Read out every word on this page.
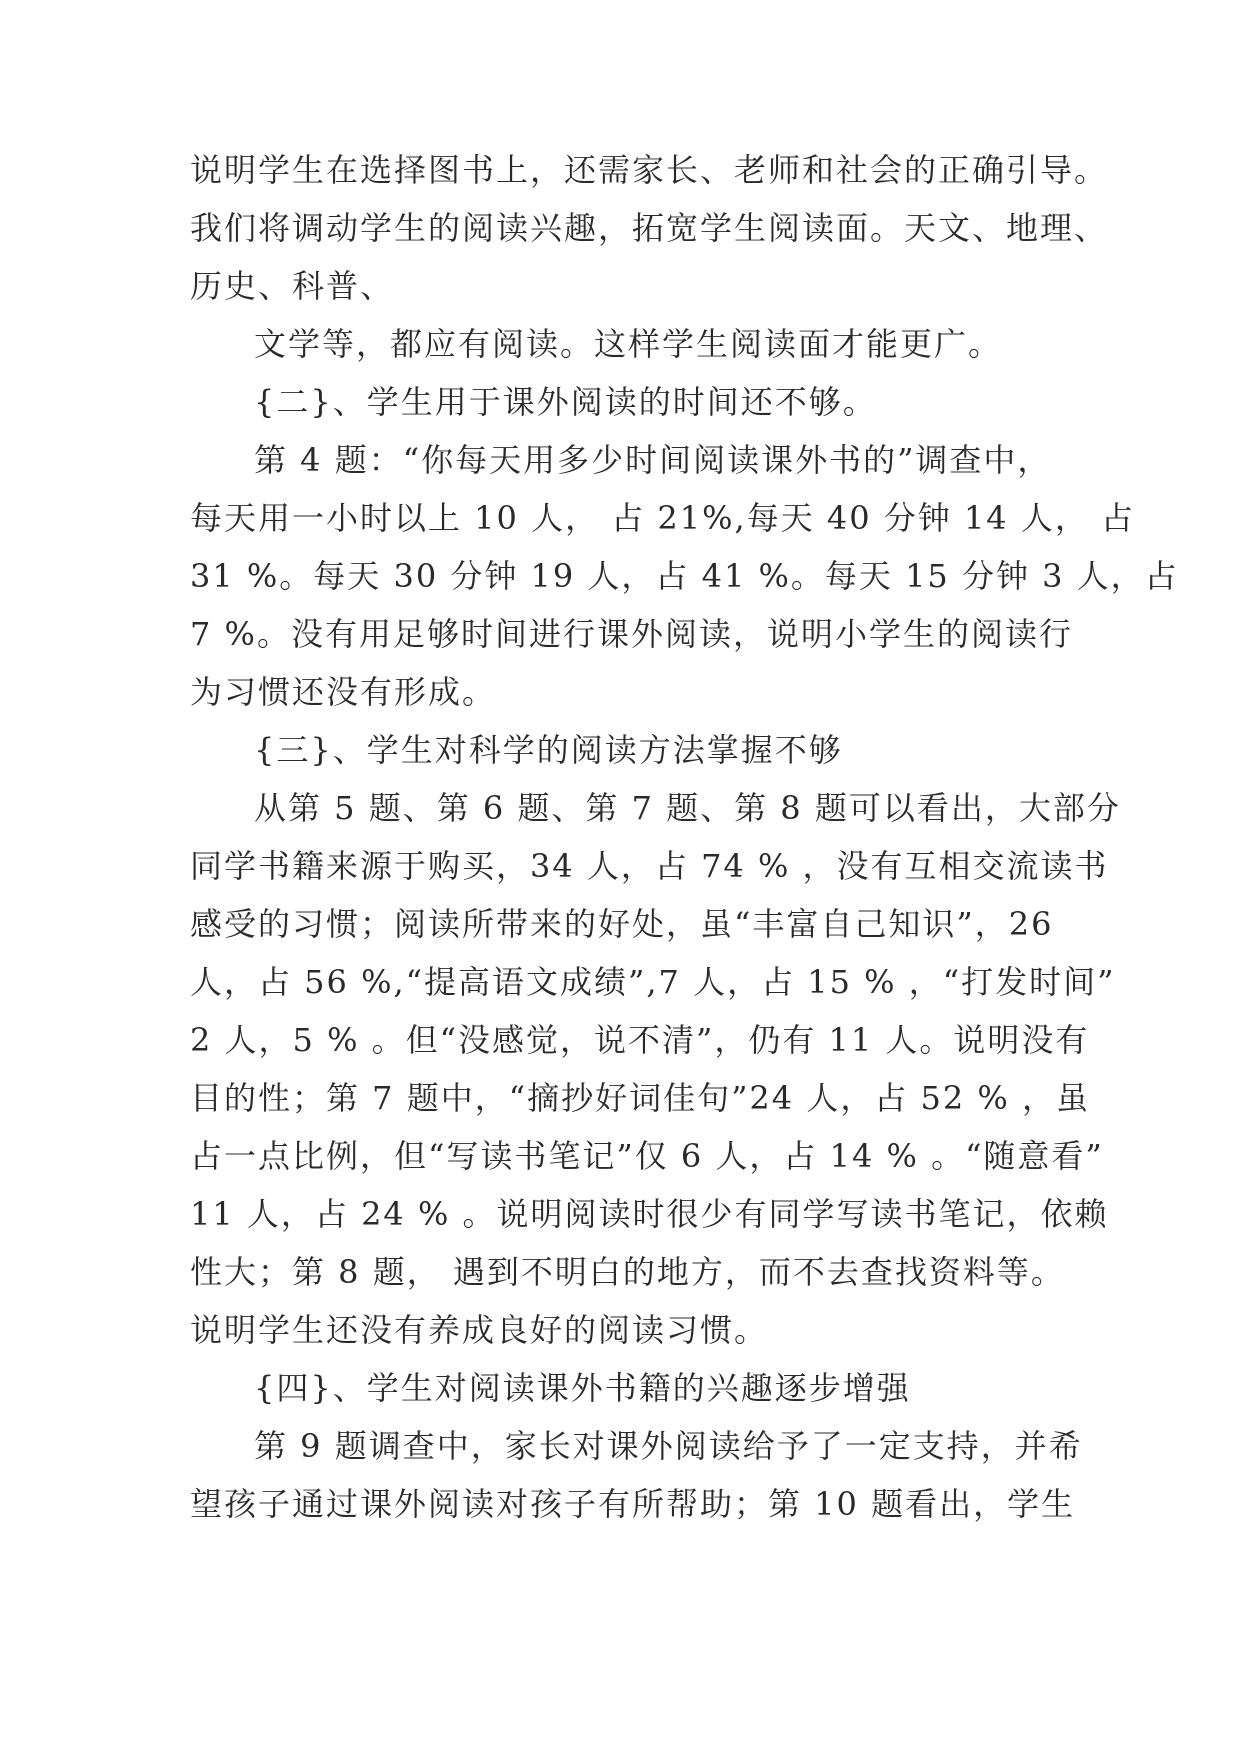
说明学生在选择图书上，还需家长、老师和社会的正确引导。
我们将调动学生的阅读兴趣，拓宽学生阅读面。天文、地理、
历史、科普、
文学等，都应有阅读。这样学生阅读面才能更广。
{二}、学生用于课外阅读的时间还不够。
第 4 题：“你每天用多少时间阅读课外书的”调查中，
每天用一小时以上 10 人， 占 21%,每天 40 分钟 14 人， 占
31 %。每天 30 分钟 19 人，占 41 %。每天 15 分钟 3 人，占
7 %。没有用足够时间进行课外阅读，说明小学生的阅读行
为习惯还没有形成。
{三}、学生对科学的阅读方法掌握不够
从第 5 题、第 6 题、第 7 题、第 8 题可以看出，大部分
同学书籍来源于购买，34 人，占 74 % ，没有互相交流读书
感受的习惯；阅读所带来的好处，虽“丰富自己知识”，26
人，占 56 %,“提高语文成绩”,7 人，占 15 % ，“打发时间”
2 人，5 % 。但“没感觉，说不清”，仍有 11 人。说明没有
目的性；第 7 题中，“摘抄好词佳句”24 人，占 52 % ，虽
占一点比例，但“写读书笔记”仅 6 人，占 14 % 。“随意看”
11 人，占 24 % 。说明阅读时很少有同学写读书笔记，依赖
性大；第 8 题， 遇到不明白的地方，而不去查找资料等。
说明学生还没有养成良好的阅读习惯。
{四}、学生对阅读课外书籍的兴趣逐步增强
第 9 题调查中，家长对课外阅读给予了一定支持，并希
望孩子通过课外阅读对孩子有所帮助；第 10 题看出，学生
